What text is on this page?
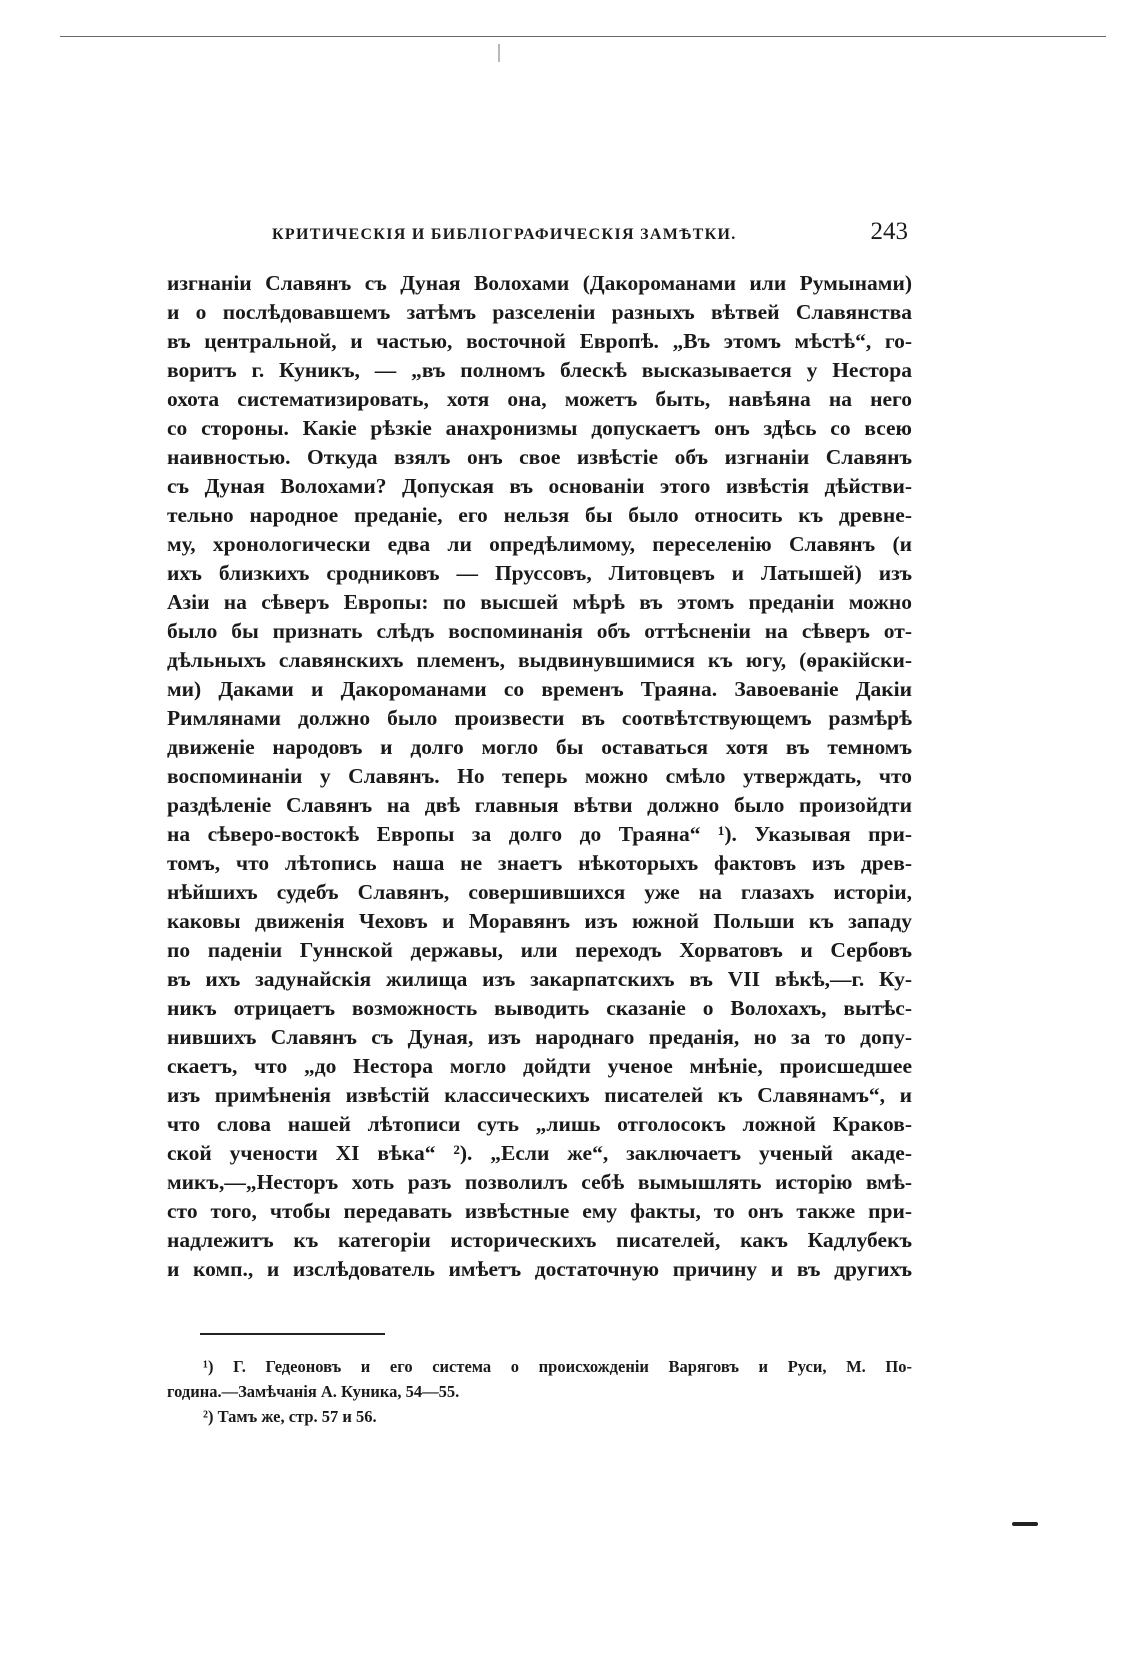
КРИТИЧЕСКІЯ И БИБЛІОГРАФИЧЕСКІЯ ЗАМѢТКИ.	243
изгнаніи Славянъ съ Дуная Волохами (Дакороманами или Румынами)
и о послѣдовавшемъ затѣмъ разселеніи разныхъ вѣтвей Славянства
въ центральной, и частью, восточной Европѣ. „Въ этомъ мѣстѣ“, го-
воритъ г. Куникъ, — „въ полномъ блескѣ высказывается у Нестора
охота систематизировать, хотя она, можетъ быть, навѣяна на него
со стороны. Какіе рѣзкіе анахронизмы допускаетъ онъ здѣсь со всею
наивностью. Откуда взялъ онъ свое извѣстіе объ изгнаніи Славянъ
съ Дуная Волохами? Допуская въ основаніи этого извѣстія дѣйстви-
тельно народное преданіе, его нельзя бы было относить къ древне-
му, хронологически едва ли опредѣлимому, переселенію Славянъ (и
ихъ близкихъ сродниковъ — Пруссовъ, Литовцевъ и Латышей) изъ
Азіи на сѣверъ Европы: по высшей мѣрѣ въ этомъ преданіи можно
было бы признать слѣдъ воспоминанія объ оттѣсненіи на сѣверъ от-
дѣльныхъ славянскихъ племенъ, выдвинувшимися къ югу, (ѳракійски-
ми) Даками и Дакороманами со временъ Траяна. Завоеваніе Дакіи
Римлянами должно было произвести въ соотвѣтствующемъ размѣрѣ
движеніе народовъ и долго могло бы оставаться хотя въ темномъ
воспоминаніи у Славянъ. Но теперь можно смѣло утверждать, что
раздѣленіе Славянъ на двѣ главныя вѣтви должно было произойдти
на сѣверо-востокѣ Европы за долго до Траяна“ ¹). Указывая при-
томъ, что лѣтопись наша не знаетъ нѣкоторыхъ фактовъ изъ древ-
нѣйшихъ судебъ Славянъ, совершившихся уже на глазахъ исторіи,
каковы движенія Чеховъ и Моравянъ изъ южной Польши къ западу
по паденіи Гуннской державы, или переходъ Хорватовъ и Сербовъ
въ ихъ задунайскія жилища изъ закарпатскихъ въ VII вѣкѣ,—г. Ку-
никъ отрицаетъ возможность выводить сказаніе о Волохахъ, вытѣс-
нившихъ Славянъ съ Дуная, изъ народнаго преданія, но за то допу-
скаетъ, что „до Нестора могло дойдти ученое мнѣніе, происшедшее
изъ примѣненія извѣстій классическихъ писателей къ Славянамъ“, и
что слова нашей лѣтописи суть „лишь отголосокъ ложной Краков-
ской учености XI вѣка“ ²). „Если же“, заключаетъ ученый акаде-
микъ,—„Несторъ хоть разъ позволилъ себѣ вымышлять исторію вмѣ-
сто того, чтобы передавать извѣстные ему факты, то онъ также при-
надлежитъ къ категоріи историческихъ писателей, какъ Кадлубекъ
и комп., и изслѣдователь имѣетъ достаточную причину и въ другихъ
¹) Г. Гедеоновъ и его система о происхожденіи Варяговъ и Руси, М. По-
година.—Замѣчанія А. Куника, 54—55.
²) Тамъ же, стр. 57 и 56.
